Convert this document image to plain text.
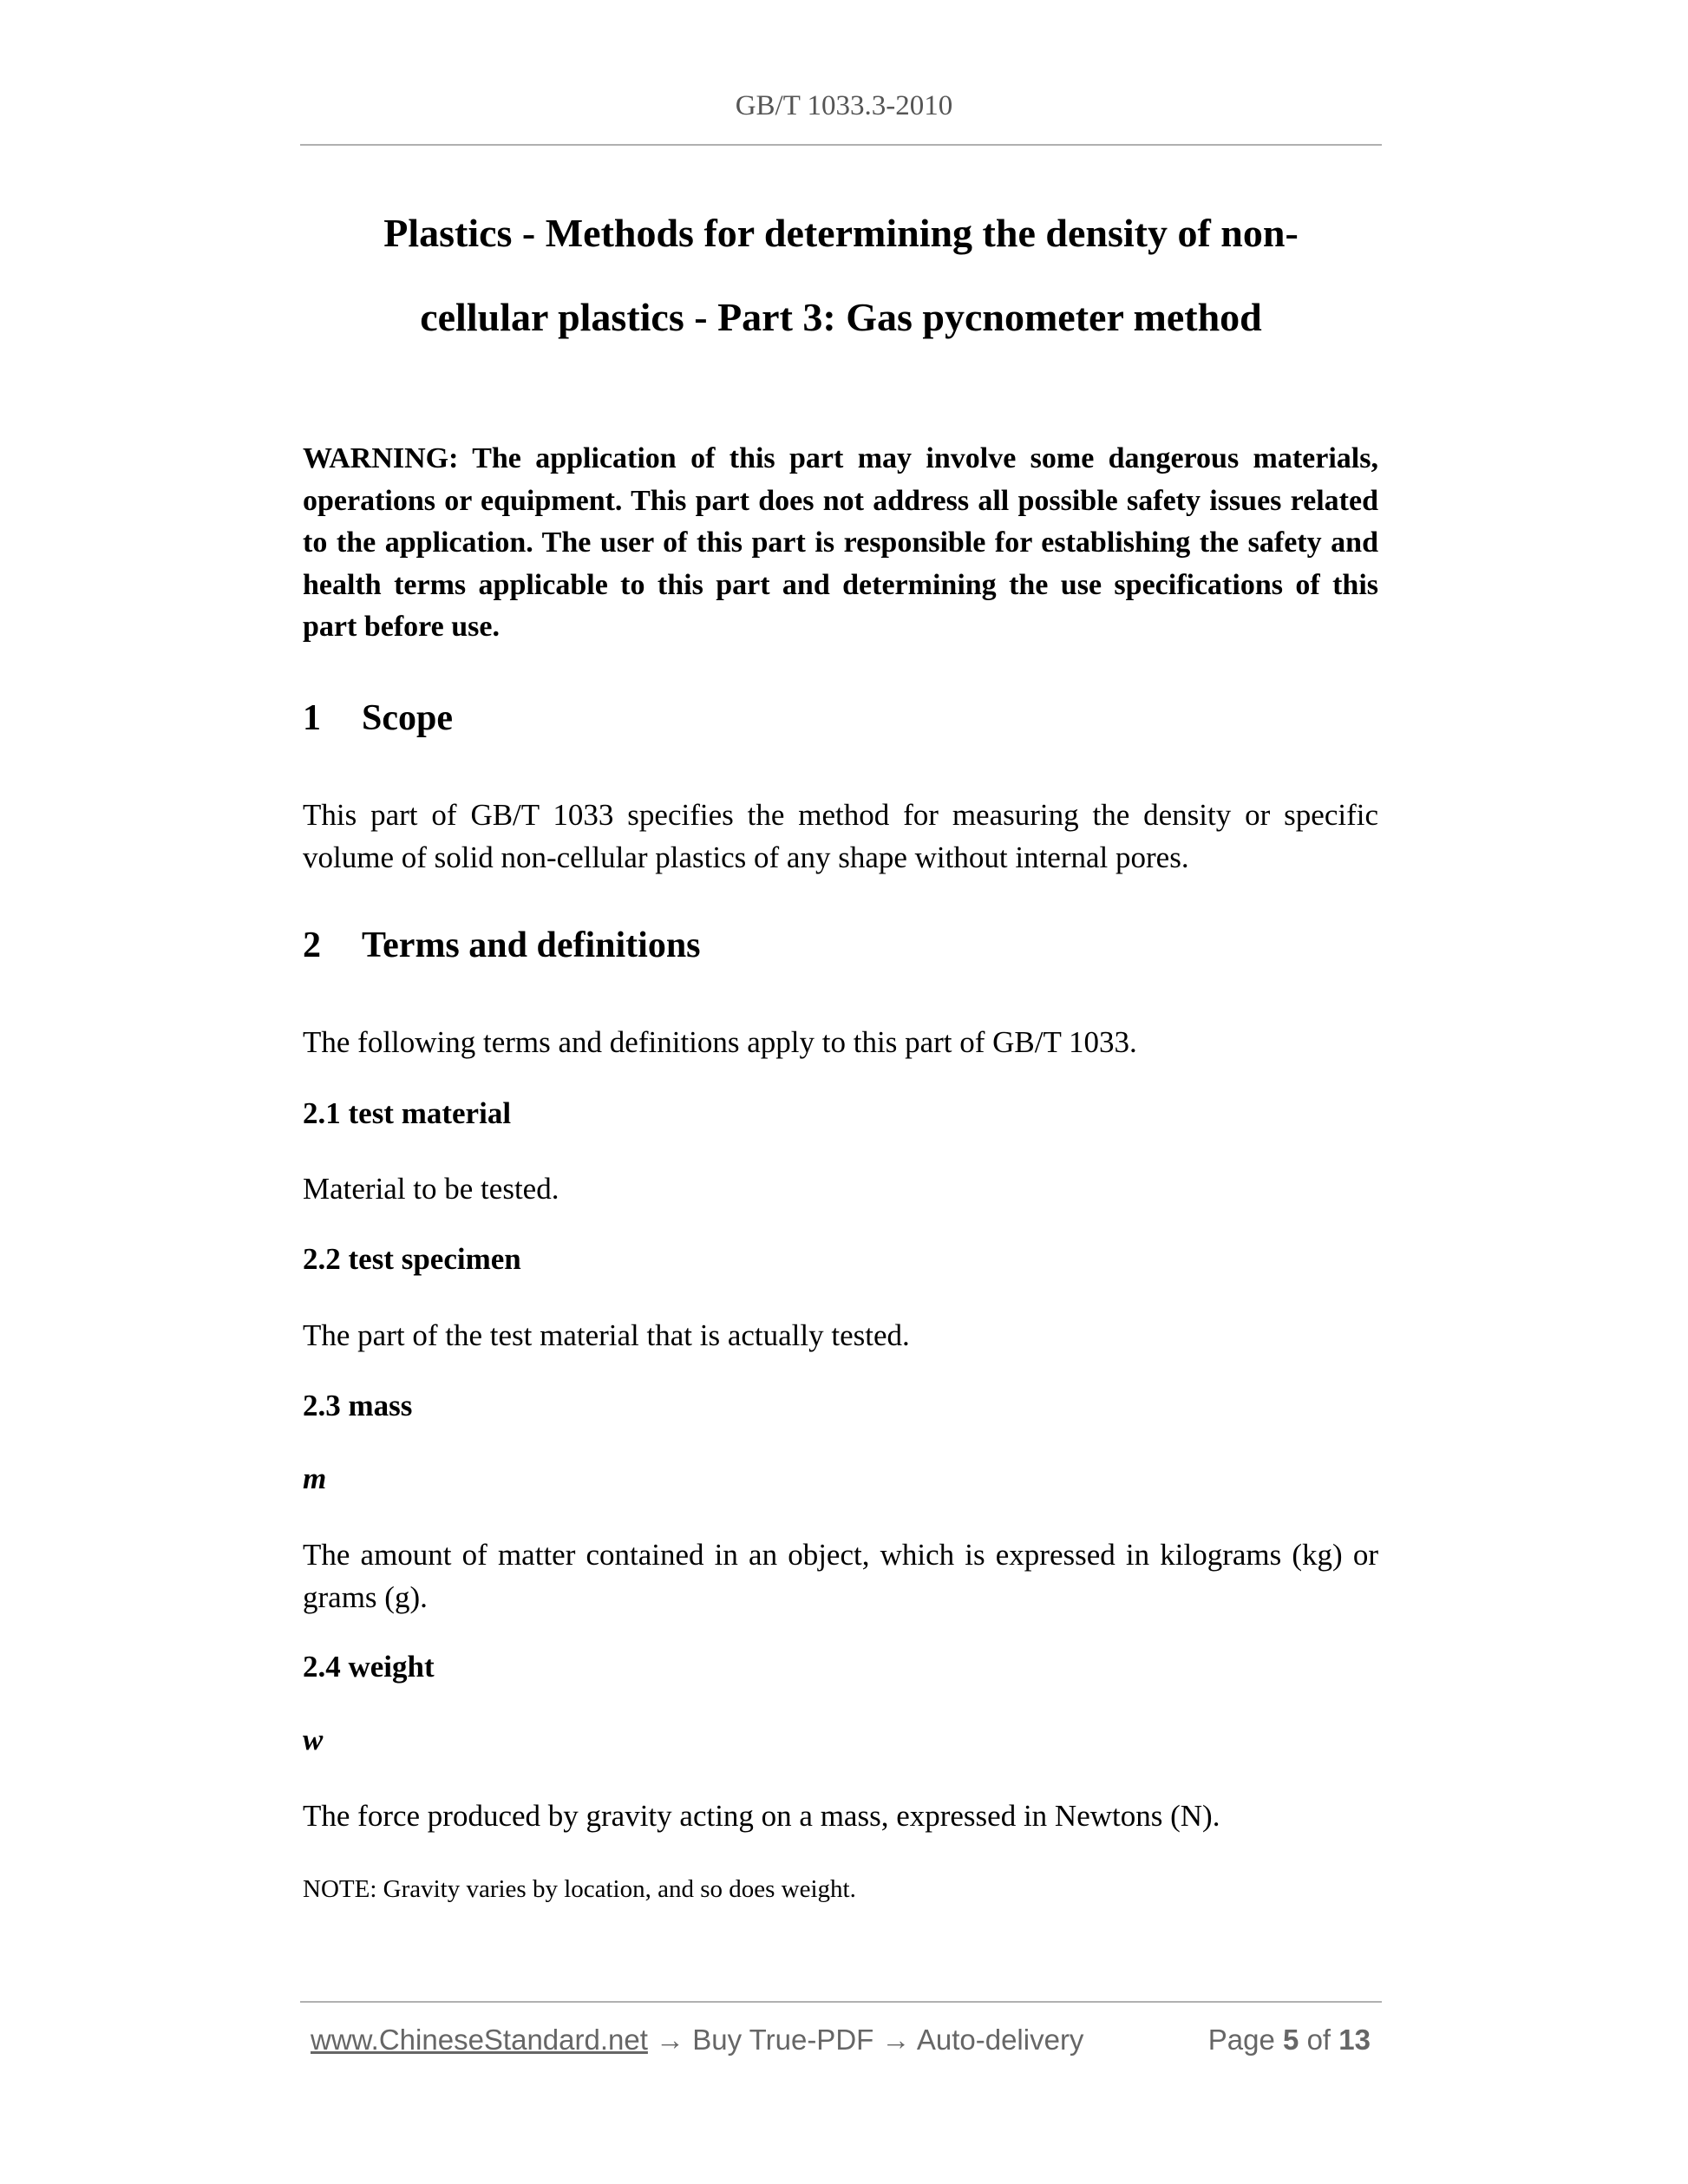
GB/T 1033.3-2010
Plastics - Methods for determining the density of non-
cellular plastics - Part 3: Gas pycnometer method
WARNING: The application of this part may involve some dangerous materials, operations or equipment. This part does not address all possible safety issues related to the application. The user of this part is responsible for establishing the safety and health terms applicable to this part and determining the use specifications of this part before use.
1 Scope
This part of GB/T 1033 specifies the method for measuring the density or specific volume of solid non-cellular plastics of any shape without internal pores.
2 Terms and definitions
The following terms and definitions apply to this part of GB/T 1033.
2.1 test material
Material to be tested.
2.2 test specimen
The part of the test material that is actually tested.
2.3 mass
m
The amount of matter contained in an object, which is expressed in kilograms (kg) or grams (g).
2.4 weight
w
The force produced by gravity acting on a mass, expressed in Newtons (N).
NOTE: Gravity varies by location, and so does weight.
www.ChineseStandard.net → Buy True-PDF → Auto-delivery	Page 5 of 13
